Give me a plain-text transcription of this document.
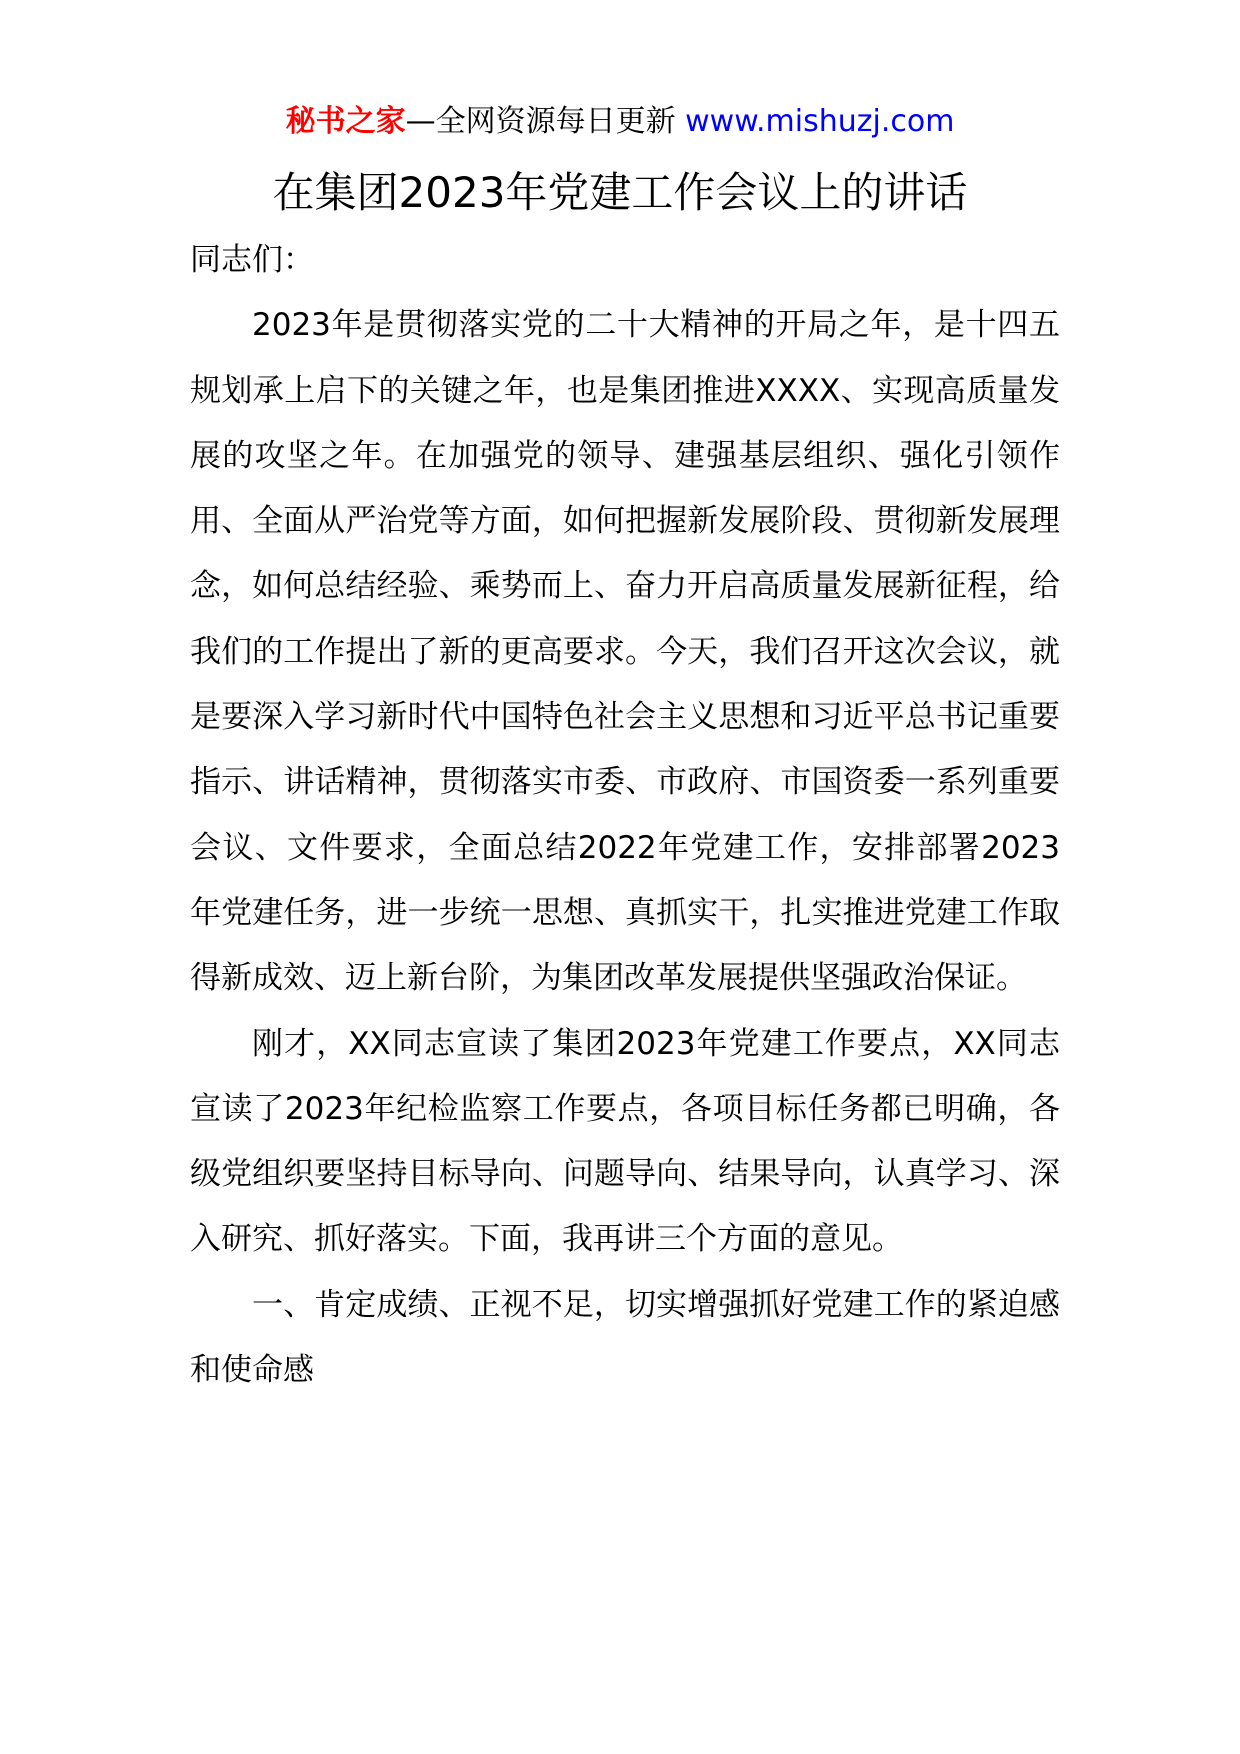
秘书之家—全网资源每日更新 www.mishuzj.com
在集团2023年党建工作会议上的讲话

同志们：

2023年是贯彻落实党的二十大精神的开局之年，是十四五规划承上启下的关键之年，也是集团推进XXXX、实现高质量发展的攻坚之年。在加强党的领导、建强基层组织、强化引领作用、全面从严治党等方面，如何把握新发展阶段、贯彻新发展理念，如何总结经验、乘势而上、奋力开启高质量发展新征程，给我们的工作提出了新的更高要求。今天，我们召开这次会议，就是要深入学习新时代中国特色社会主义思想和习近平总书记重要指示、讲话精神，贯彻落实市委、市政府、市国资委一系列重要会议、文件要求，全面总结2022年党建工作，安排部署2023年党建任务，进一步统一思想、真抓实干，扎实推进党建工作取得新成效、迈上新台阶，为集团改革发展提供坚强政治保证。

刚才，XX同志宣读了集团2023年党建工作要点，XX同志宣读了2023年纪检监察工作要点，各项目标任务都已明确，各级党组织要坚持目标导向、问题导向、结果导向，认真学习、深入研究、抓好落实。下面，我再讲三个方面的意见。

一、肯定成绩、正视不足，切实增强抓好党建工作的紧迫感和使命感
